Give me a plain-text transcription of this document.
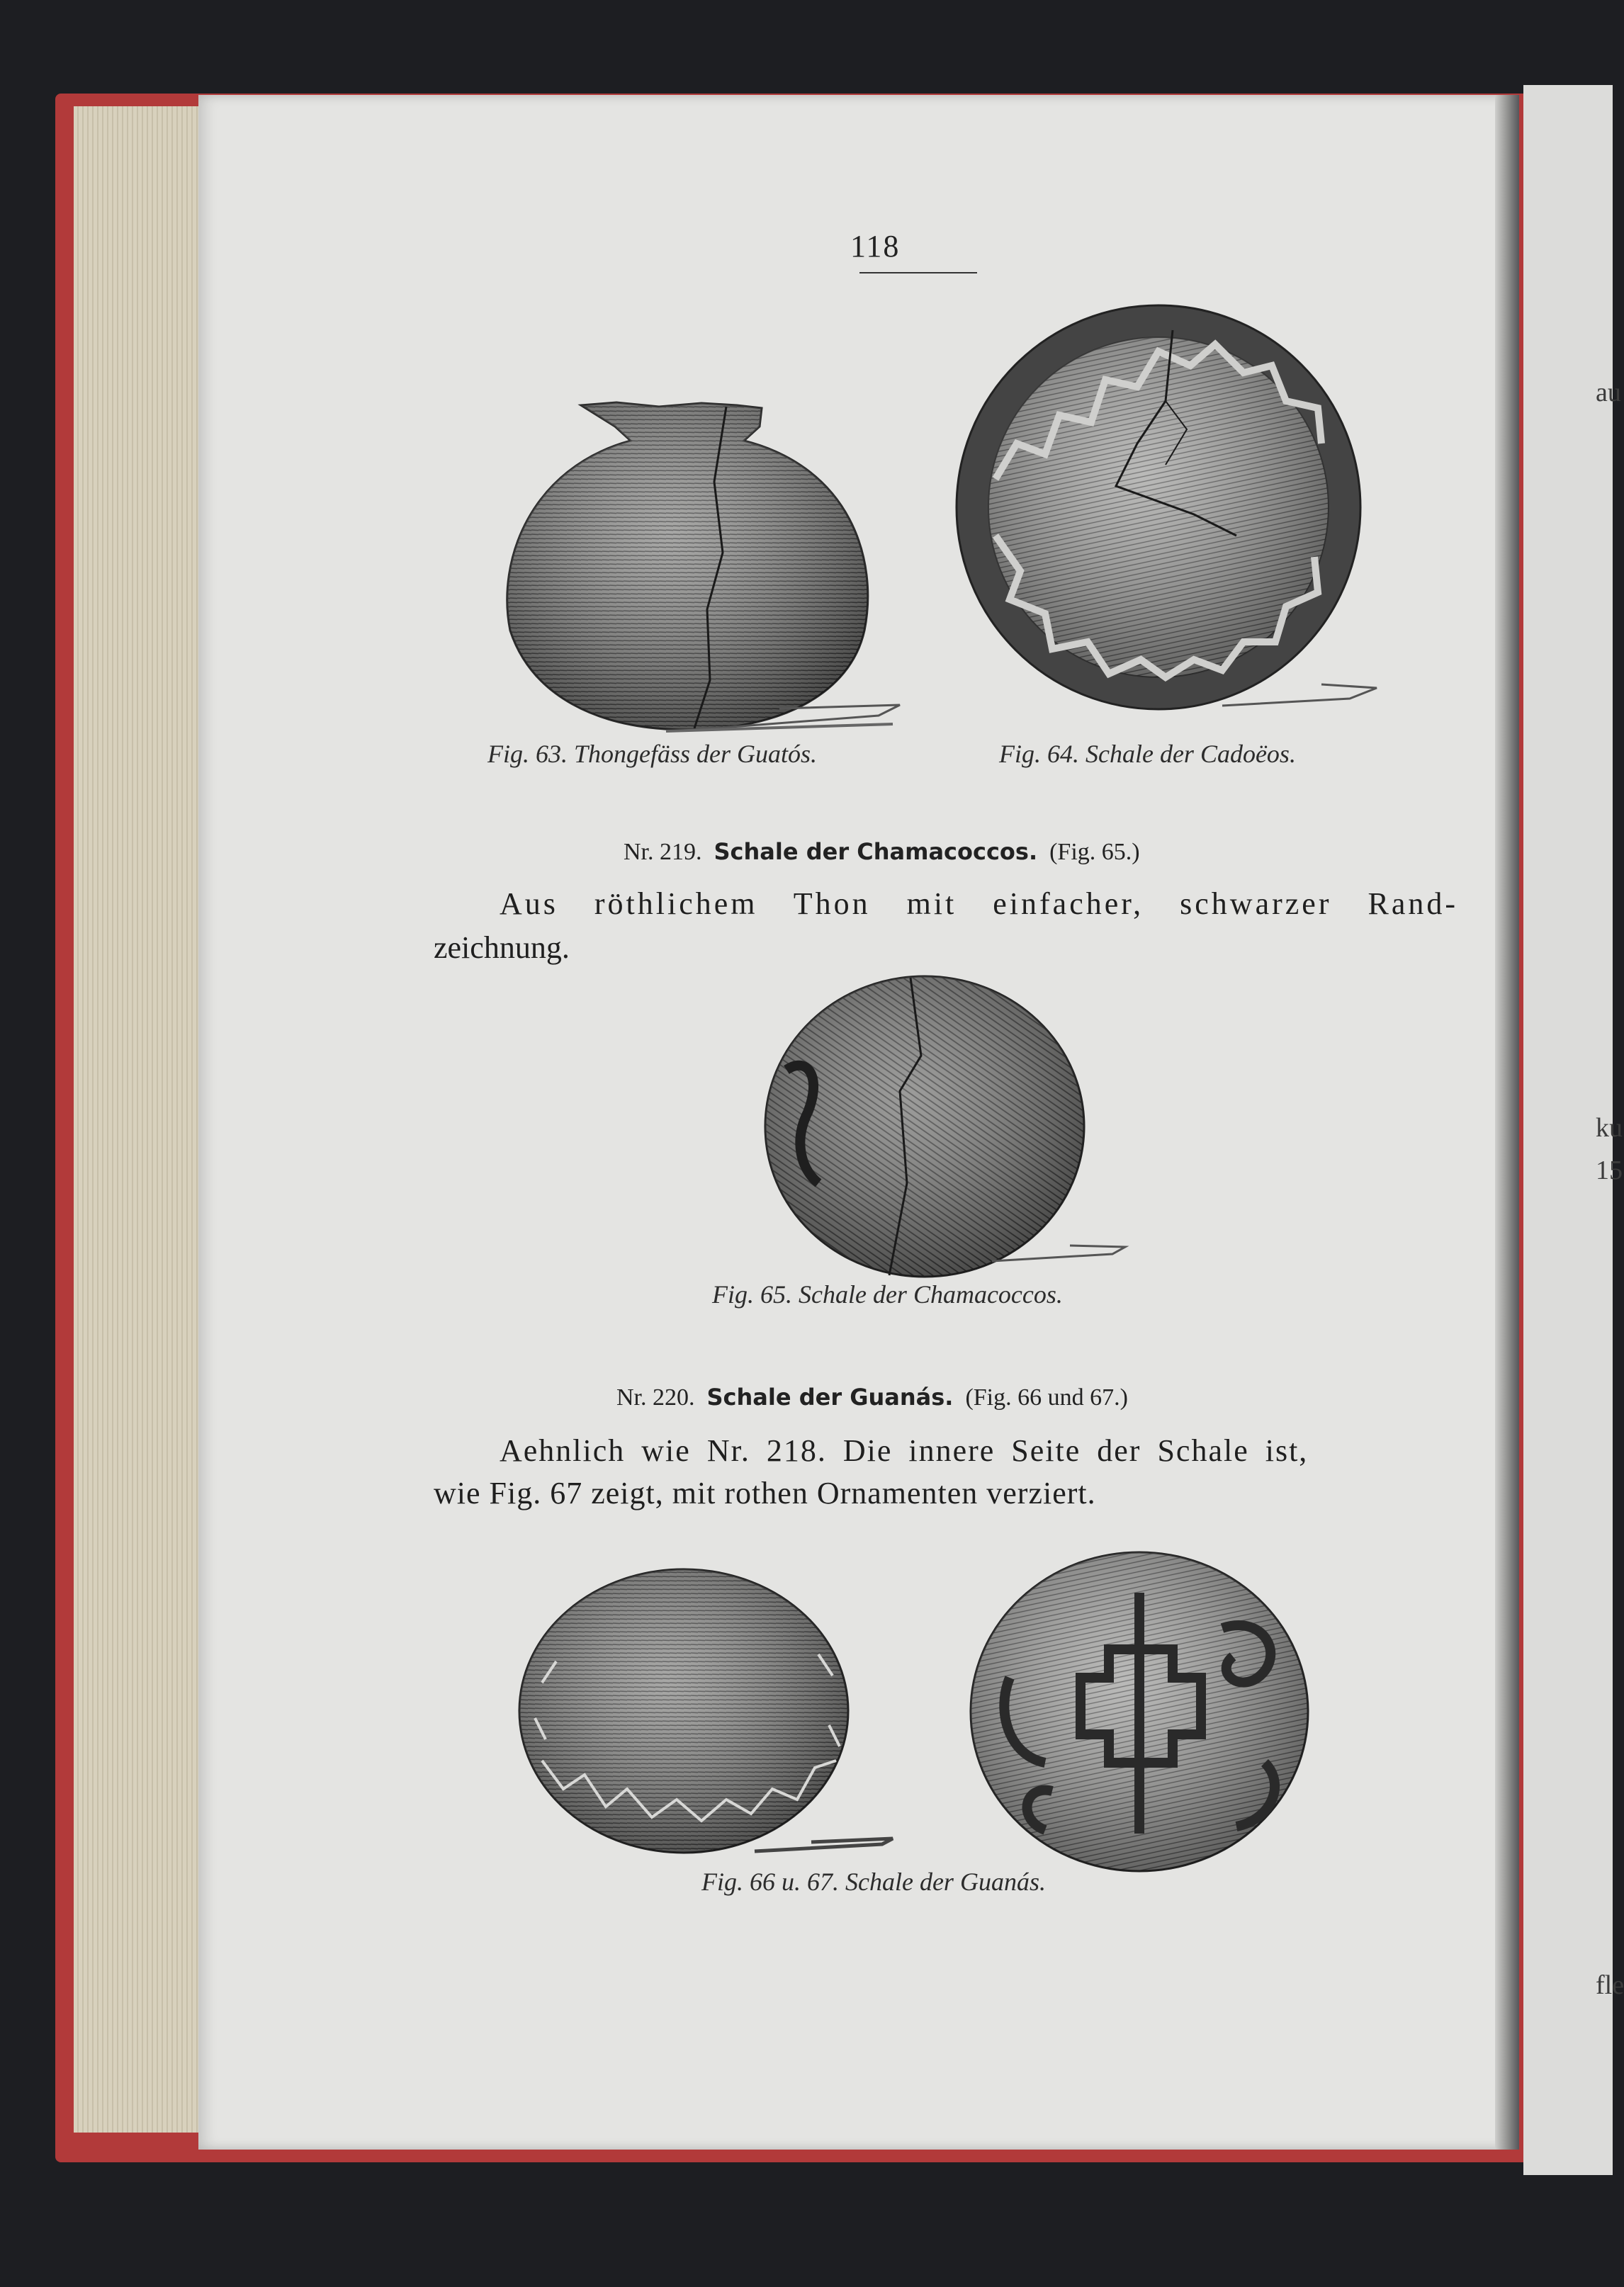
au
ku
15
fle
118
Fig. 63. Thongefäss der Guatós.	Fig. 64. Schale der Cadoëos.
Nr. 219. Schale der Chamacoccos. (Fig. 65.)
Aus röthlichem Thon mit einfacher, schwarzer Rand-
zeichnung.
Fig. 65. Schale der Chamacoccos.
Nr. 220. Schale der Guanás. (Fig. 66 und 67.)
Aehnlich wie Nr. 218. Die innere Seite der Schale ist,
wie Fig. 67 zeigt, mit rothen Ornamenten verziert.
Fig. 66 u. 67. Schale der Guanás.
